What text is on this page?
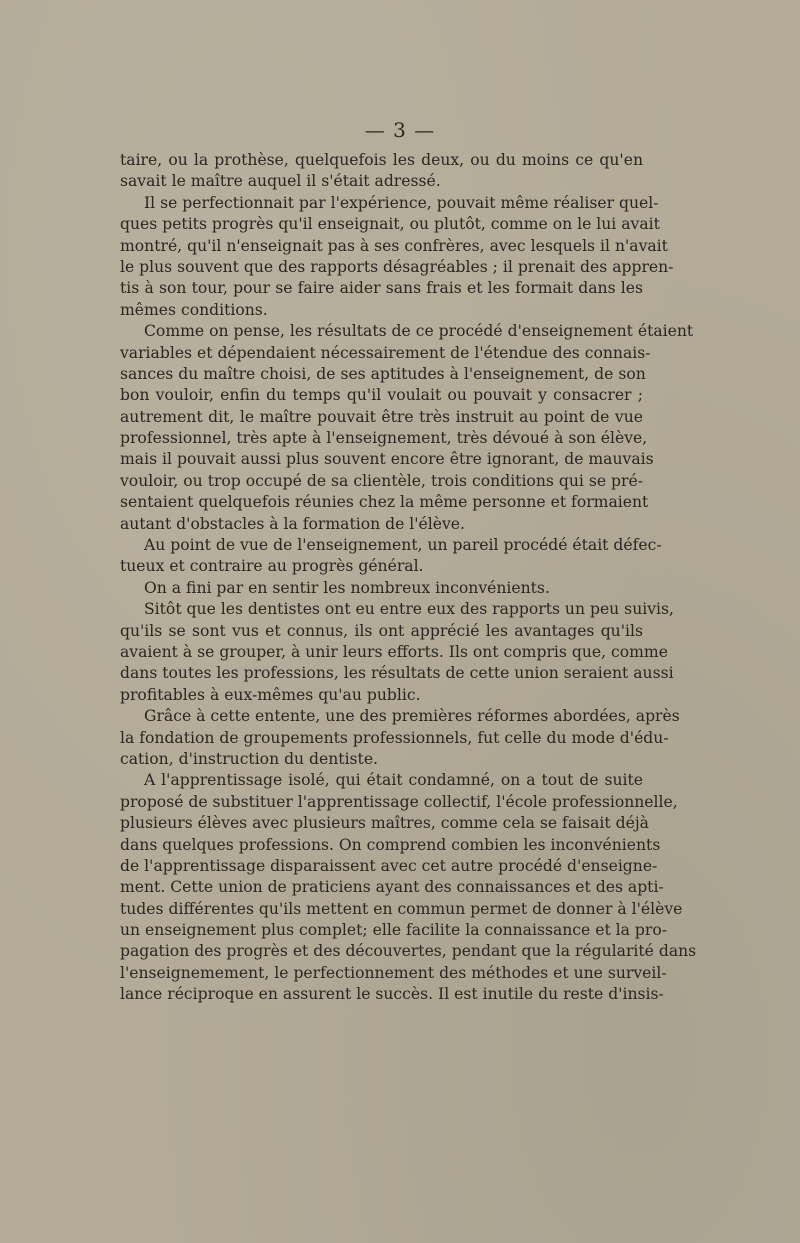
— 3 —
taire, ou la prothèse, quelquefois les deux, ou du moins ce qu'en
savait le maître auquel il s'était adressé.
Il se perfectionnait par l'expérience, pouvait même réaliser quel-
ques petits progrès qu'il enseignait, ou plutôt, comme on le lui avait
montré, qu'il n'enseignait pas à ses confrères, avec lesquels il n'avait
le plus souvent que des rapports désagréables ; il prenait des appren-
tis à son tour, pour se faire aider sans frais et les formait dans les
mêmes conditions.
Comme on pense, les résultats de ce procédé d'enseignement étaient
variables et dépendaient nécessairement de l'étendue des connais-
sances du maître choisi, de ses aptitudes à l'enseignement, de son
bon vouloir, enfin du temps qu'il voulait ou pouvait y consacrer ;
autrement dit, le maître pouvait être très instruit au point de vue
professionnel, très apte à l'enseignement, très dévoué à son élève,
mais il pouvait aussi plus souvent encore être ignorant, de mauvais
vouloir, ou trop occupé de sa clientèle, trois conditions qui se pré-
sentaient quelquefois réunies chez la même personne et formaient
autant d'obstacles à la formation de l'élève.
Au point de vue de l'enseignement, un pareil procédé était défec-
tueux et contraire au progrès général.
On a fini par en sentir les nombreux inconvénients.
Sitôt que les dentistes ont eu entre eux des rapports un peu suivis,
qu'ils se sont vus et connus, ils ont apprécié les avantages qu'ils
avaient à se grouper, à unir leurs efforts. Ils ont compris que, comme
dans toutes les professions, les résultats de cette union seraient aussi
profitables à eux-mêmes qu'au public.
Grâce à cette entente, une des premières réformes abordées, après
la fondation de groupements professionnels, fut celle du mode d'édu-
cation, d'instruction du dentiste.
A l'apprentissage isolé, qui était condamné, on a tout de suite
proposé de substituer l'apprentissage collectif, l'école professionnelle,
plusieurs élèves avec plusieurs maîtres, comme cela se faisait déjà
dans quelques professions. On comprend combien les inconvénients
de l'apprentissage disparaissent avec cet autre procédé d'enseigne-
ment. Cette union de praticiens ayant des connaissances et des apti-
tudes différentes qu'ils mettent en commun permet de donner à l'élève
un enseignement plus complet; elle facilite la connaissance et la pro-
pagation des progrès et des découvertes, pendant que la régularité dans
l'enseignemement, le perfectionnement des méthodes et une surveil-
lance réciproque en assurent le succès. Il est inutile du reste d'insis-
